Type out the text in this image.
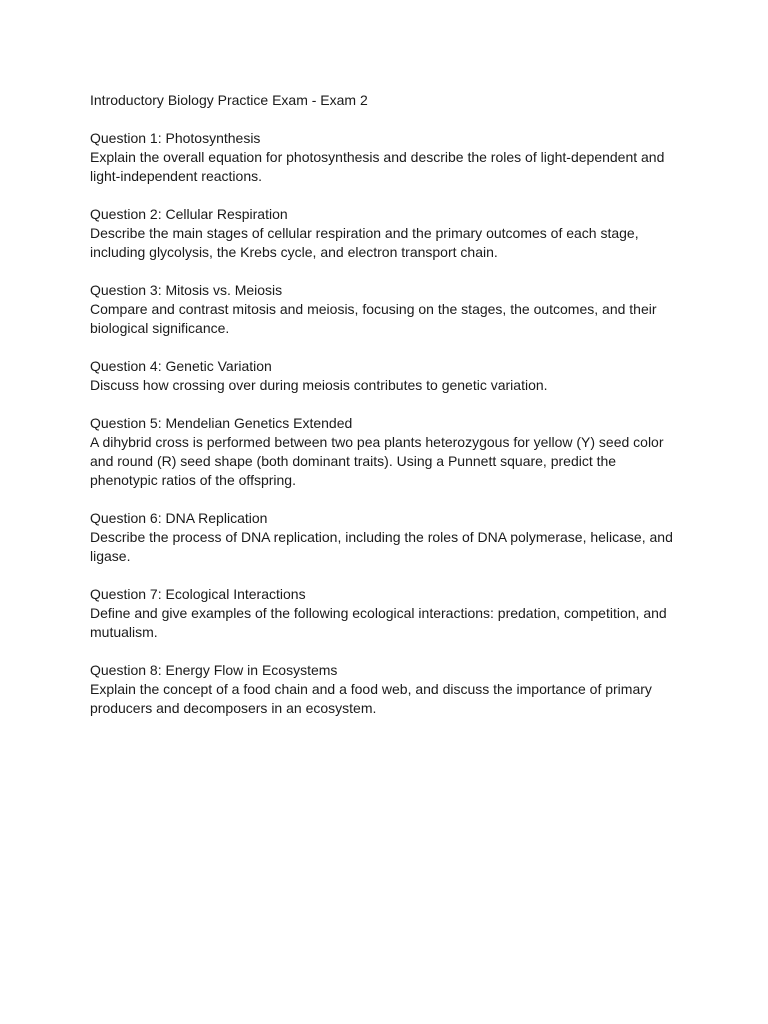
Introductory Biology Practice Exam - Exam 2
Question 1: Photosynthesis
Explain the overall equation for photosynthesis and describe the roles of light-dependent and light-independent reactions.
Question 2: Cellular Respiration
Describe the main stages of cellular respiration and the primary outcomes of each stage, including glycolysis, the Krebs cycle, and electron transport chain.
Question 3: Mitosis vs. Meiosis
Compare and contrast mitosis and meiosis, focusing on the stages, the outcomes, and their biological significance.
Question 4: Genetic Variation
Discuss how crossing over during meiosis contributes to genetic variation.
Question 5: Mendelian Genetics Extended
A dihybrid cross is performed between two pea plants heterozygous for yellow (Y) seed color and round (R) seed shape (both dominant traits). Using a Punnett square, predict the phenotypic ratios of the offspring.
Question 6: DNA Replication
Describe the process of DNA replication, including the roles of DNA polymerase, helicase, and ligase.
Question 7: Ecological Interactions
Define and give examples of the following ecological interactions: predation, competition, and mutualism.
Question 8: Energy Flow in Ecosystems
Explain the concept of a food chain and a food web, and discuss the importance of primary producers and decomposers in an ecosystem.
